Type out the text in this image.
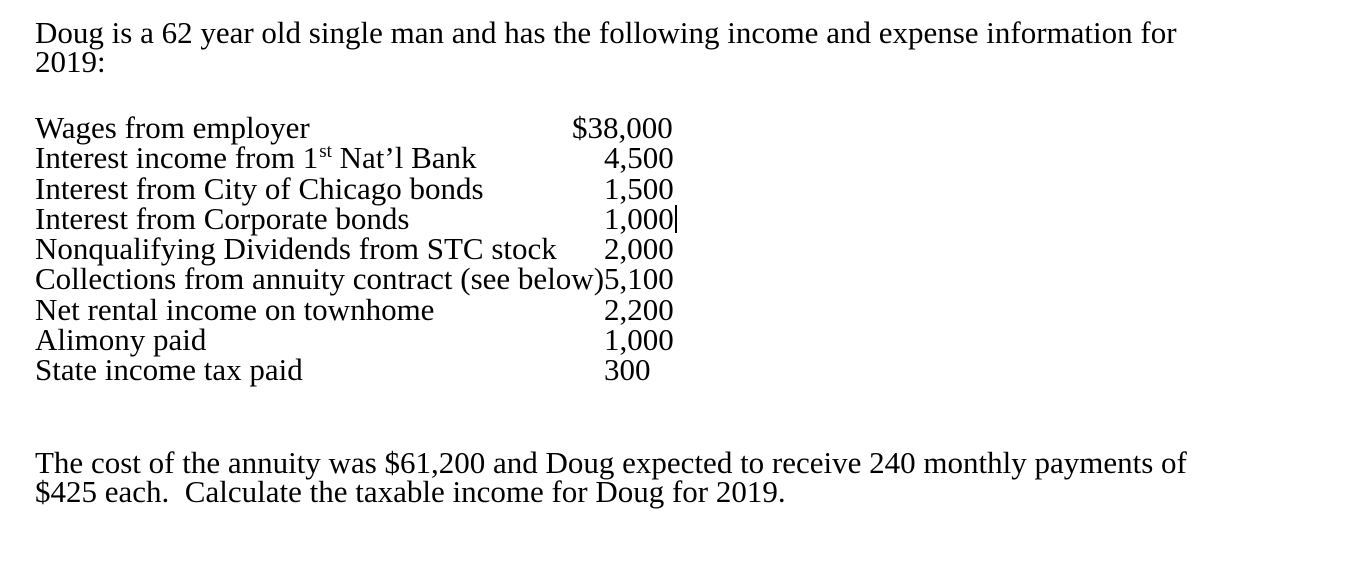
Doug is a 62 year old single man and has the following income and expense information for
2019:

Wages from employer	$38,000
Interest income from 1st Nat’l Bank	4,500
Interest from City of Chicago bonds	1,500
Interest from Corporate bonds	1,000
Nonqualifying Dividends from STC stock 2,000
Collections from annuity contract (see below)5,100
Net rental income on townhome	2,200
Alimony paid	1,000
State income tax paid	300

The cost of the annuity was $61,200 and Doug expected to receive 240 monthly payments of
$425 each.  Calculate the taxable income for Doug for 2019.
